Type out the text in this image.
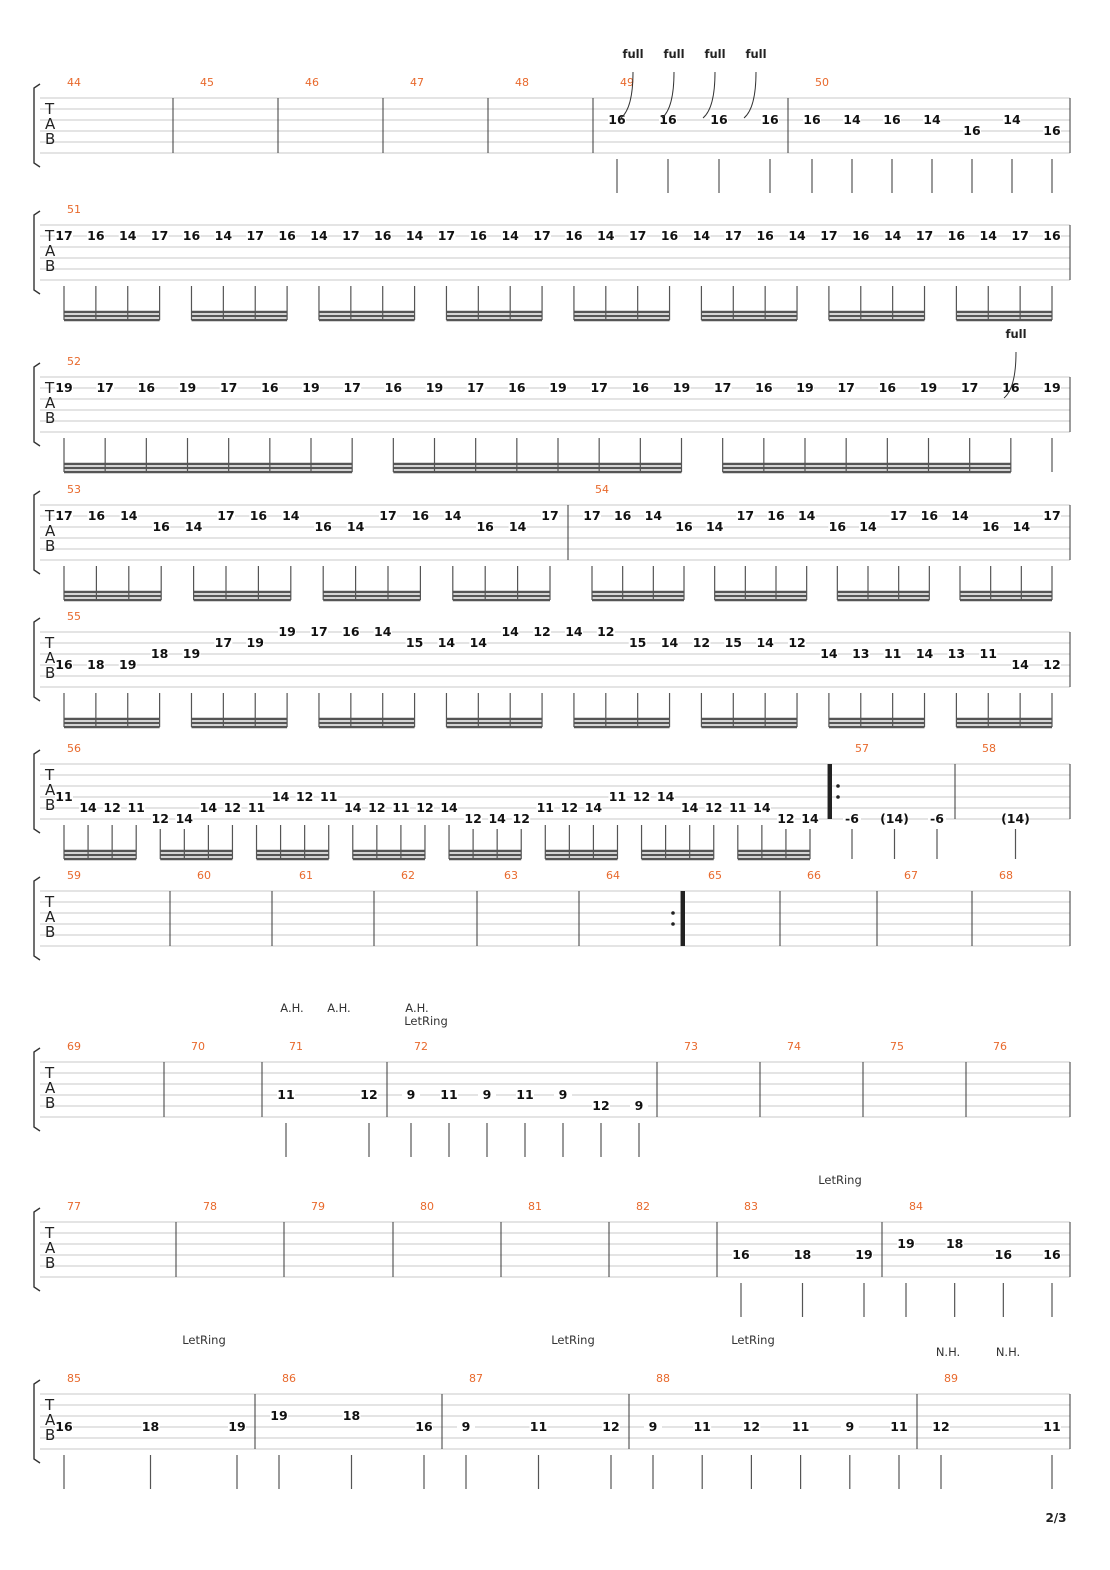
T
A
B
44	45	46	47	48	49
16	16	16	16
50
16 14 16 14
16
14
16
T
A
B
51
17 16 14 17 16 14 17 16 14 17 16 14 17 16 14 17 16 14 17 16 14 17 16 14 17 16 14 17 16 14 17 16
T
A
B
52
19 17 16 19 17 16 19 17 16 19 17 16 19 17 16 19 17 16 19 17 16 19 17 16 19
T
A
B
53
17 16 14
16 14
17 16 14
16 14
17 16 14
16 14
17
54
17 16 14
16 14
17 16 14
16 14
17 16 14
16 14
17
T
A
B
55
16 18 19
18 19
17 19
19 17 16 14
15 14 14
14 12 14 12
15 14 12 15 14 12
14 13 11 14 13 11
14 12
T
A
B
56
11
14 12 11
12 14
14 12 11
14 12 11
14 12 11 12 14
12 14 12
11 12 14
11 12 14
14 12 11 14
12 14
57
-6 (14) -6
58
(14)
T
A
B
59	60	61	62	63	64	65	66	67	68
T
A
B
69	70	71
11	12
72
9 11 9 11 9
12 9
73	74	75	76
T
A
B
77	78	79	80	81	82	83
16	18	19
84
19	18
16	16
T
A
B
85
16	18	19
86
19	18
16
87
9	11	12
88
9	11	12	11	9	11
89
12	11
full full full full
full
A.H. A.H.	A.H.
LetRing
LetRing
LetRing	LetRing	LetRing
N.H.	N.H.
2/3
